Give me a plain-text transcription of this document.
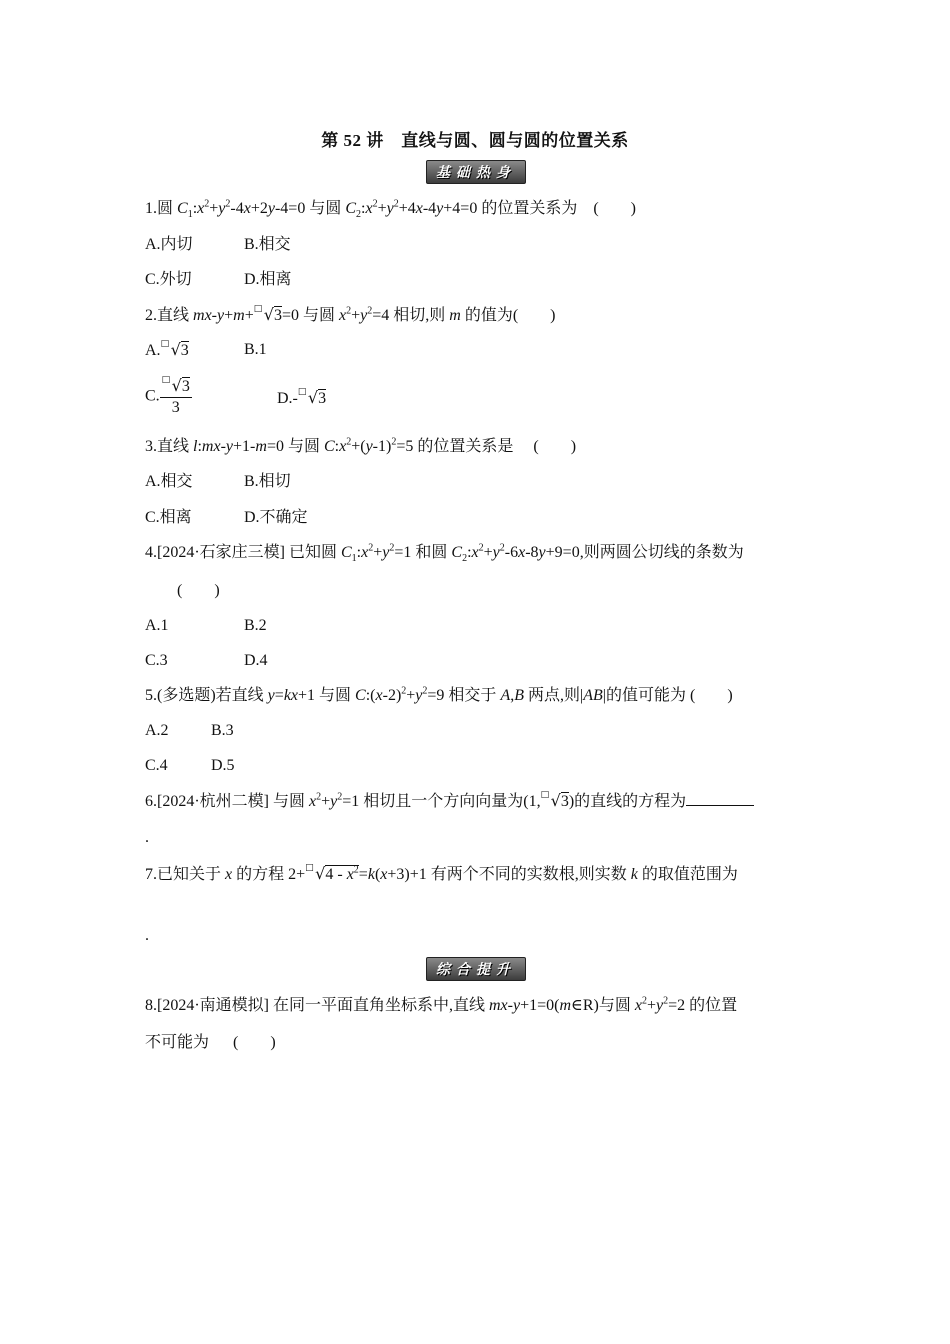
第 52 讲　直线与圆、圆与圆的位置关系
基础热身
1.圆 $C_1:x^2+y^2-4x+2y-4=0$ 与圆 $C_2:x^2+y^2+4x-4y+4=0$ 的位置关系为 (　　)
A.内切	B.相交
C.外切	D.相离
2.直线 mx-y+m+ □ √3=0 与圆 $x^2+y^2=4$ 相切,则 m 的值为(　　)
A. □ √3	B.1
C. $\frac{□ √3}{3}$	D.- □ √3
3.直线 l:mx-y+1-m=0 与圆 $C:x^2+(y-1)^2=5$ 的位置关系是 (　　)
A.相交	B.相切
C.相离	D.不确定
4.[2024·石家庄三模] 已知圆 $C_1:x^2+y^2=1$ 和圆 $C_2:x^2+y^2-6x-8y+9=0$,则两圆公切线的条数为
(　　)
A.1	B.2
C.3	D.4
5.(多选题)若直线 y=kx+1 与圆 $C:(x-2)^2+y^2=9$ 相交于 A,B 两点,则|AB|的值可能为 (　　)
A.2	B.3
C.4	D.5
6.[2024·杭州二模] 与圆 $x^2+y^2=1$ 相切且一个方向向量为(1, □ √3)的直线的方程为
.
7.已知关于 x 的方程 2+ □ $√4 - x^2=k(x+3)+1$ 有两个不同的实数根,则实数 k 的取值范围为
.
综合提升
8.[2024·南通模拟] 在同一平面直角坐标系中,直线 mx-y+1=0(m∈R)与圆 $x^2+y^2=2$ 的位置
不可能为 (　　)
